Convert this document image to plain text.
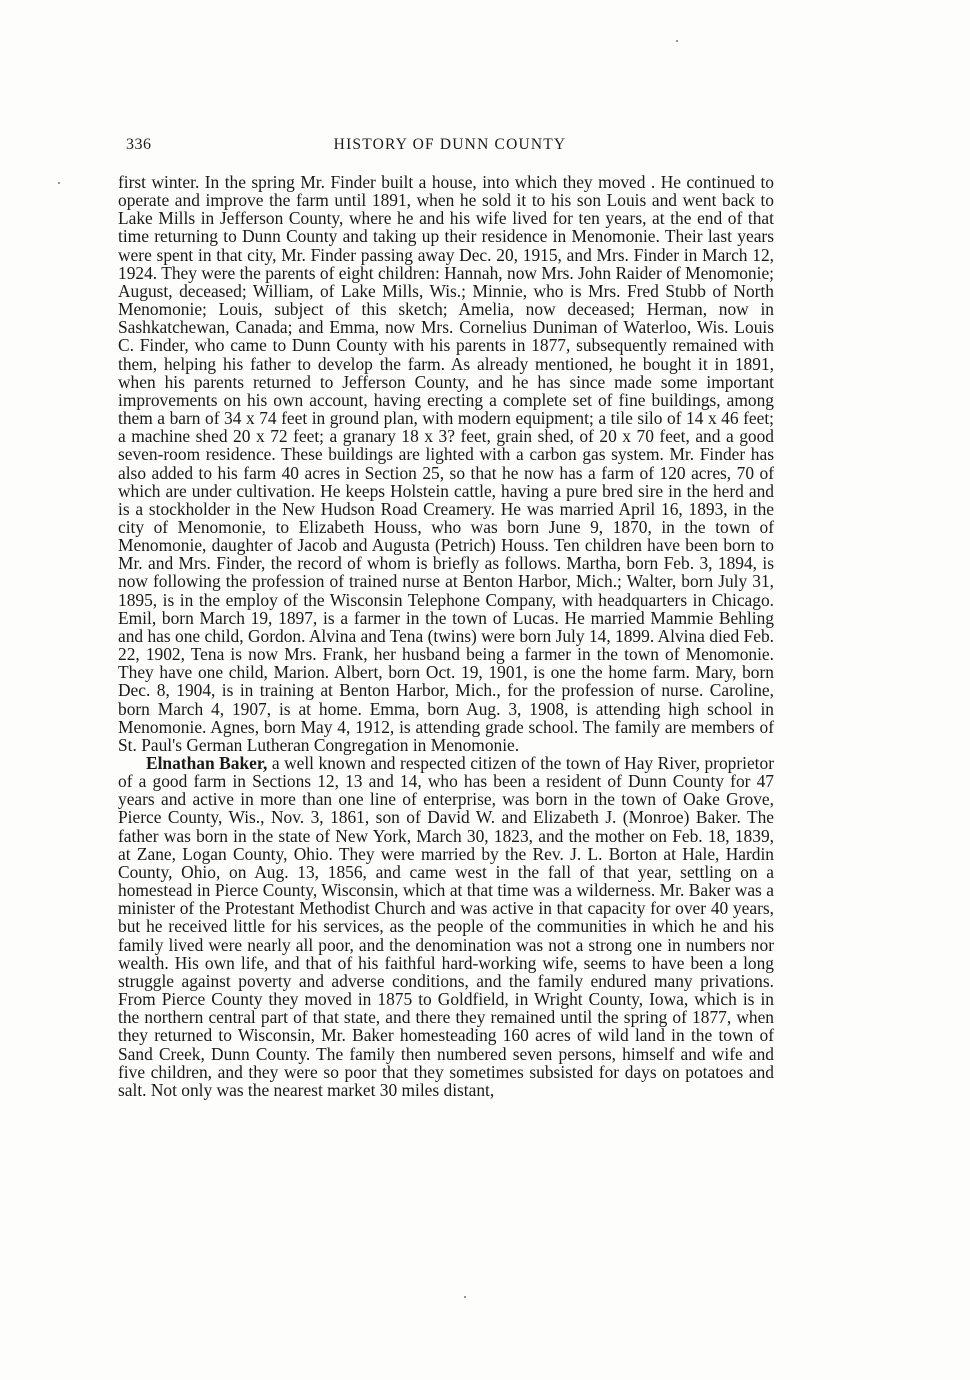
336	HISTORY OF DUNN COUNTY

first winter. In the spring Mr. Finder built a house, into which they moved . He continued to operate and improve the farm until 1891, when he sold it to his son Louis and went back to Lake Mills in Jefferson County, where he and his wife lived for ten years, at the end of that time returning to Dunn County and taking up their residence in Menomonie. Their last years were spent in that city, Mr. Finder passing away Dec. 20, 1915, and Mrs. Finder in March 12, 1924. They were the parents of eight children: Hannah, now Mrs. John Raider of Menomonie; August, deceased; William, of Lake Mills, Wis.; Minnie, who is Mrs. Fred Stubb of North Menomonie; Louis, subject of this sketch; Amelia, now deceased; Herman, now in Sashkatchewan, Canada; and Emma, now Mrs. Cornelius Duniman of Waterloo, Wis. Louis C. Finder, who came to Dunn County with his parents in 1877, subsequently remained with them, helping his father to develop the farm. As already mentioned, he bought it in 1891, when his parents returned to Jefferson County, and he has since made some important improvements on his own account, having erecting a complete set of fine buildings, among them a barn of 34 x 74 feet in ground plan, with modern equipment; a tile silo of 14 x 46 feet; a machine shed 20 x 72 feet; a granary 18 x 3? feet, grain shed, of 20 x 70 feet, and a good seven-room residence. These buildings are lighted with a carbon gas system. Mr. Finder has also added to his farm 40 acres in Section 25, so that he now has a farm of 120 acres, 70 of which are under cultivation. He keeps Holstein cattle, having a pure bred sire in the herd and is a stockholder in the New Hudson Road Creamery. He was married April 16, 1893, in the city of Menomonie, to Elizabeth Houss, who was born June 9, 1870, in the town of Menomonie, daughter of Jacob and Augusta (Petrich) Houss. Ten children have been born to Mr. and Mrs. Finder, the record of whom is briefly as follows. Martha, born Feb. 3, 1894, is now following the profession of trained nurse at Benton Harbor, Mich.; Walter, born July 31, 1895, is in the employ of the Wisconsin Telephone Company, with headquarters in Chicago. Emil, born March 19, 1897, is a farmer in the town of Lucas. He married Mammie Behling and has one child, Gordon. Alvina and Tena (twins) were born July 14, 1899. Alvina died Feb. 22, 1902, Tena is now Mrs. Frank, her husband being a farmer in the town of Menomonie. They have one child, Marion. Albert, born Oct. 19, 1901, is one the home farm. Mary, born Dec. 8, 1904, is in training at Benton Harbor, Mich., for the profession of nurse. Caroline, born March 4, 1907, is at home. Emma, born Aug. 3, 1908, is attending high school in Menomonie. Agnes, born May 4, 1912, is attending grade school. The family are members of St. Paul's German Lutheran Congregation in Menomonie.

Elnathan Baker, a well known and respected citizen of the town of Hay River, proprietor of a good farm in Sections 12, 13 and 14, who has been a resident of Dunn County for 47 years and active in more than one line of enterprise, was born in the town of Oake Grove, Pierce County, Wis., Nov. 3, 1861, son of David W. and Elizabeth J. (Monroe) Baker. The father was born in the state of New York, March 30, 1823, and the mother on Feb. 18, 1839, at Zane, Logan County, Ohio. They were married by the Rev. J. L. Borton at Hale, Hardin County, Ohio, on Aug. 13, 1856, and came west in the fall of that year, settling on a homestead in Pierce County, Wisconsin, which at that time was a wilderness. Mr. Baker was a minister of the Protestant Methodist Church and was active in that capacity for over 40 years, but he received little for his services, as the people of the communities in which he and his family lived were nearly all poor, and the denomination was not a strong one in numbers nor wealth. His own life, and that of his faithful hard-working wife, seems to have been a long struggle against poverty and adverse conditions, and the family endured many privations. From Pierce County they moved in 1875 to Goldfield, in Wright County, Iowa, which is in the northern central part of that state, and there they remained until the spring of 1877, when they returned to Wisconsin, Mr. Baker homesteading 160 acres of wild land in the town of Sand Creek, Dunn County. The family then numbered seven persons, himself and wife and five children, and they were so poor that they sometimes subsisted for days on potatoes and salt. Not only was the nearest market 30 miles distant,
